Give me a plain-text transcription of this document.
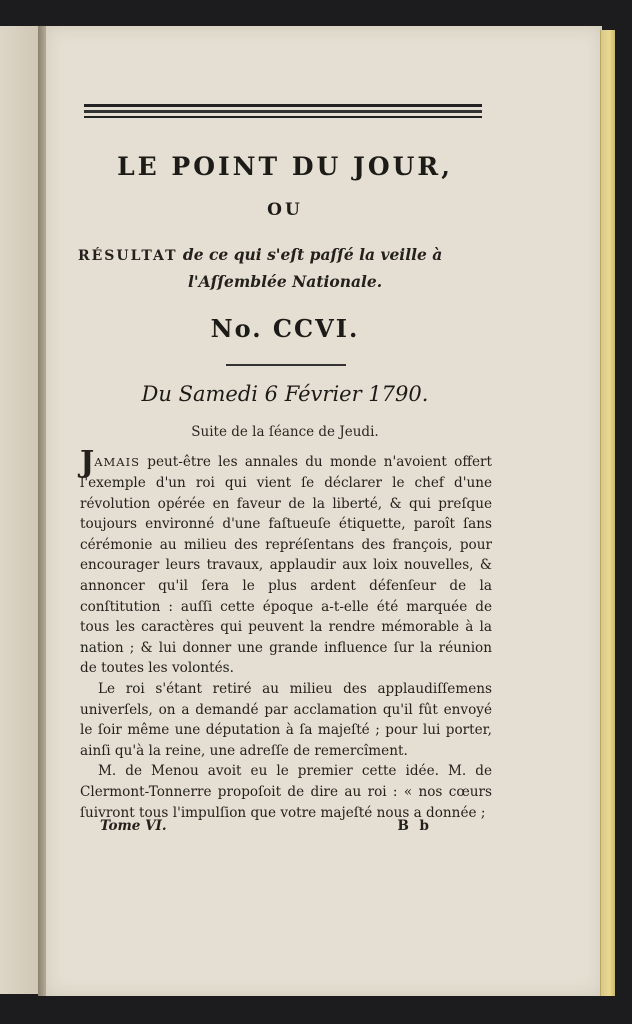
LE POINT DU JOUR,
OU
RÉSULTAT de ce qui s'eſt paſſé la veille à
l'Aſſemblée Nationale.
No. CCVI.
Du Samedi 6 Février 1790.
Suite de la ſéance de Jeudi.

JAMAIS peut-être les annales du monde n'avoient offert l'exemple d'un roi qui vient ſe déclarer le chef d'une révolution opérée en faveur de la liberté, & qui preſque toujours environné d'une faſtueuſe étiquette, paroît ſans cérémonie au milieu des repréſentans des françois, pour encourager leurs travaux, applaudir aux loix nouvelles, & annoncer qu'il ſera le plus ardent défenſeur de la conſtitution : auſſi cette époque a-t-elle été marquée de tous les caractères qui peuvent la rendre mémorable à la nation ; & lui donner une grande influence ſur la réunion de toutes les volontés.

Le roi s'étant retiré au milieu des applaudiſſemens univerſels, on a demandé par acclamation qu'il fût envoyé le ſoir même une députation à ſa majeſté ; pour lui porter, ainſi qu'à la reine, une adreſſe de remercîment.

M. de Menou avoit eu le premier cette idée. M. de Clermont-Tonnerre propoſoit de dire au roi : « nos cœurs ſuivront tous l'impulſion que votre majeſté nous a donnée ;

Tome VI.	B b
